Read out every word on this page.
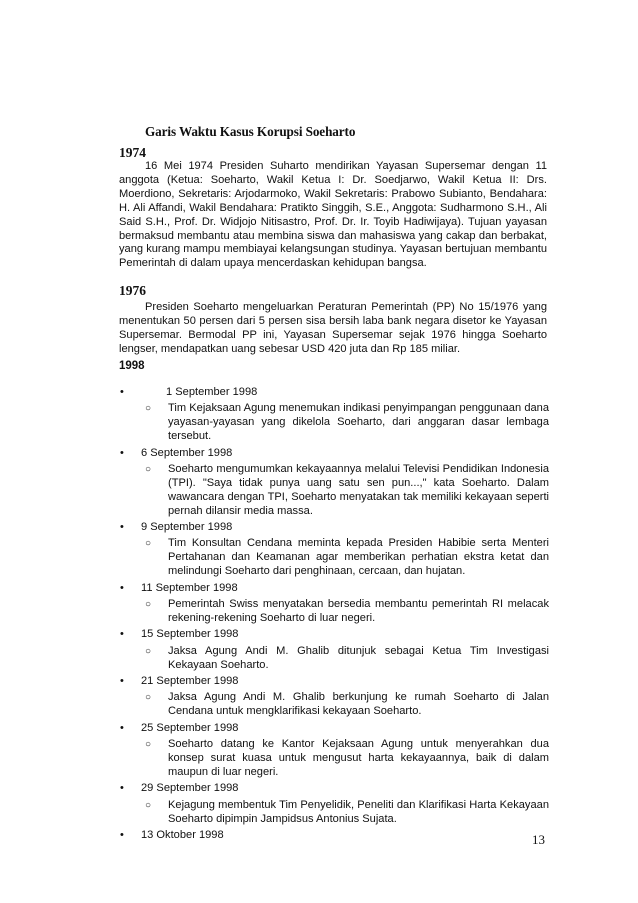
Garis Waktu Kasus Korupsi Soeharto
1974
16 Mei 1974 Presiden Suharto mendirikan Yayasan Supersemar dengan 11 anggota (Ketua: Soeharto, Wakil Ketua I: Dr. Soedjarwo, Wakil Ketua II: Drs. Moerdiono, Sekretaris: Arjodarmoko, Wakil Sekretaris: Prabowo Subianto, Bendahara: H. Ali Affandi, Wakil Bendahara: Pratikto Singgih, S.E., Anggota: Sudharmono S.H., Ali Said S.H., Prof. Dr. Widjojo Nitisastro, Prof. Dr. Ir. Toyib Hadiwijaya). Tujuan yayasan bermaksud membantu atau membina siswa dan mahasiswa yang cakap dan berbakat, yang kurang mampu membiayai kelangsungan studinya. Yayasan bertujuan membantu Pemerintah di dalam upaya mencerdaskan kehidupan bangsa.
1976
Presiden Soeharto mengeluarkan Peraturan Pemerintah (PP) No 15/1976 yang menentukan 50 persen dari 5 persen sisa bersih laba bank negara disetor ke Yayasan Supersemar. Bermodal PP ini, Yayasan Supersemar sejak 1976 hingga Soeharto lengser, mendapatkan uang sebesar USD 420 juta dan Rp 185 miliar.
1998
•	1 September 1998
○ Tim Kejaksaan Agung menemukan indikasi penyimpangan penggunaan dana yayasan-yayasan yang dikelola Soeharto, dari anggaran dasar lembaga tersebut.
• 6 September 1998
○ Soeharto mengumumkan kekayaannya melalui Televisi Pendidikan Indonesia (TPI). "Saya tidak punya uang satu sen pun...," kata Soeharto. Dalam wawancara dengan TPI, Soeharto menyatakan tak memiliki kekayaan seperti pernah dilansir media massa.
• 9 September 1998
○ Tim Konsultan Cendana meminta kepada Presiden Habibie serta Menteri Pertahanan dan Keamanan agar memberikan perhatian ekstra ketat dan melindungi Soeharto dari penghinaan, cercaan, dan hujatan.
• 11 September 1998
○ Pemerintah Swiss menyatakan bersedia membantu pemerintah RI melacak rekening-rekening Soeharto di luar negeri.
• 15 September 1998
○ Jaksa Agung Andi M. Ghalib ditunjuk sebagai Ketua Tim Investigasi Kekayaan Soeharto.
• 21 September 1998
○ Jaksa Agung Andi M. Ghalib berkunjung ke rumah Soeharto di Jalan Cendana untuk mengklarifikasi kekayaan Soeharto.
• 25 September 1998
○ Soeharto datang ke Kantor Kejaksaan Agung untuk menyerahkan dua konsep surat kuasa untuk mengusut harta kekayaannya, baik di dalam maupun di luar negeri.
• 29 September 1998
○ Kejagung membentuk Tim Penyelidik, Peneliti dan Klarifikasi Harta Kekayaan Soeharto dipimpin Jampidsus Antonius Sujata.
• 13 Oktober 1998	13
